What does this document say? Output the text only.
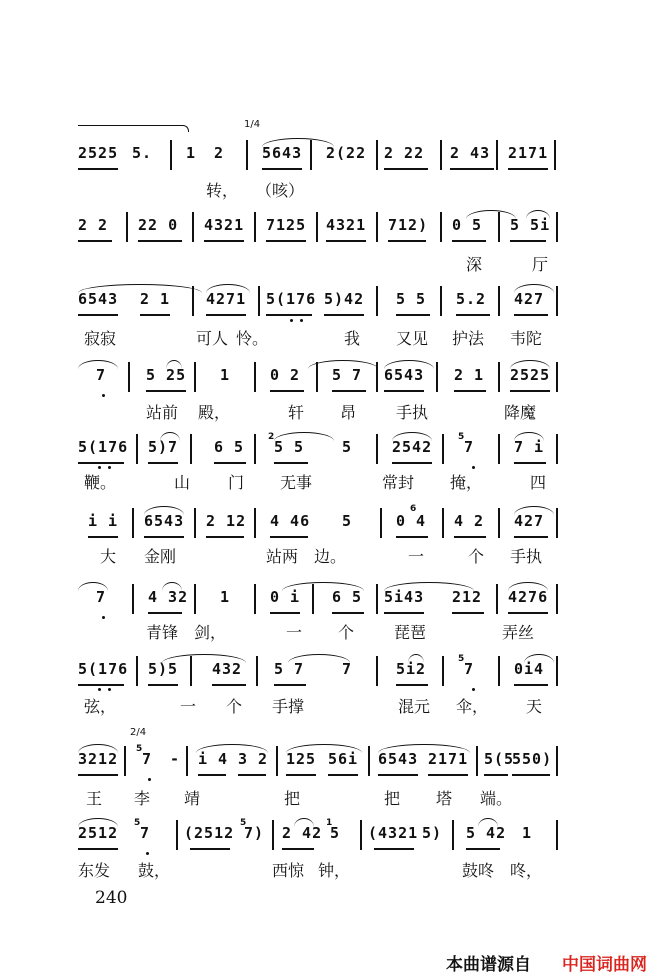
1/4
2/4
2525 5. 1 2	5643 2(22 2 22 2 43 2171
转， （咳）
2 2 22 0 4321 7125 4321 712) 0 5 5 5i
深	厅
6543 2 1 4271 5(176 5)42 5 5 5.2 427
寂寂	可人 怜。	我 又见 护法 韦陀
7	5 25 1	0 2 5 7 6543 2 1 2525
站前 殿，	轩 昂 手执	降魔
5(176 5)7 6 5
2
5 5	5	2542
5
7	7 i
鞭。	山 门 无事	常封 掩，	四
i i 6543 2 12 4 46 5
6
0 4 4 2 427
大 金刚	站两 边。	一	个 手执
7	4 32 1	0 i 6 5 5i43 212 4276
青锋 剑，	一 个 琵琶	弄丝
5(176 5)5 432 5 7	7	5i2
5
7	0i4
弦，	一 个 手撑	混元 伞， 天
3212
5
7 - i 4 3 2 125 56i 6543 2171 5(5
550)
王 李 靖	把	把 塔 端。
2512
5
7 (2512
5
7) 2 42
1
5 (4321 5) 5 42 1
东发 鼓，	西惊 钟，	鼓咚 咚，
240
本曲谱源自 中国词曲网
